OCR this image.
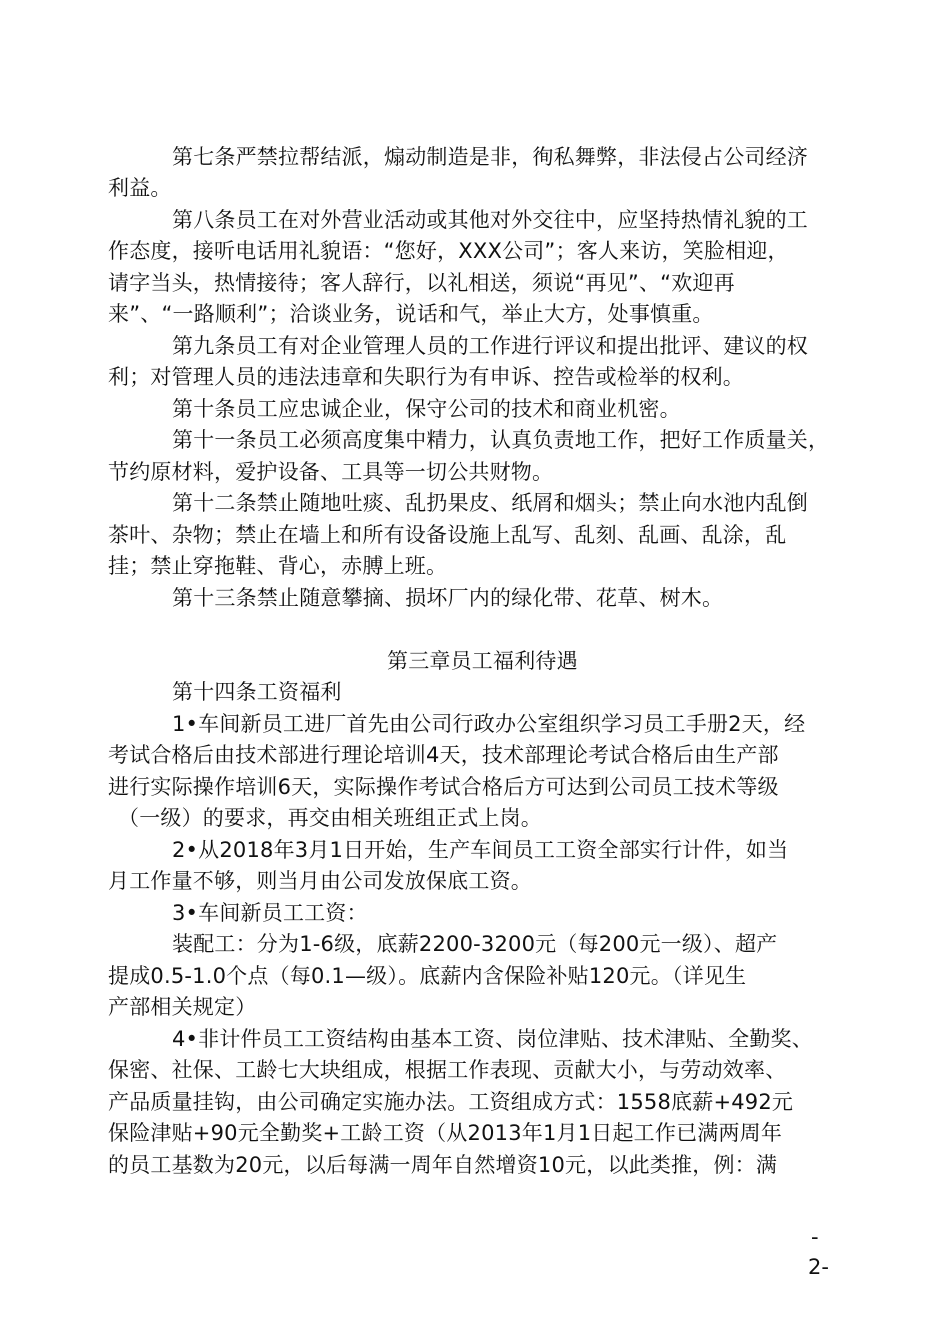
第七条严禁拉帮结派，煽动制造是非，徇私舞弊，非法侵占公司经济
利益。
第八条员工在对外营业活动或其他对外交往中，应坚持热情礼貌的工
作态度，接听电话用礼貌语：“您好，XXX公司”；客人来访，笑脸相迎，
请字当头，热情接待；客人辞行，以礼相送，须说“再见”、“欢迎再
来”、“一路顺利”；洽谈业务，说话和气，举止大方，处事慎重。
第九条员工有对企业管理人员的工作进行评议和提出批评、建议的权
利；对管理人员的违法违章和失职行为有申诉、控告或检举的权利。
第十条员工应忠诚企业，保守公司的技术和商业机密。
第十一条员工必须高度集中精力，认真负责地工作，把好工作质量关，
节约原材料，爱护设备、工具等一切公共财物。
第十二条禁止随地吐痰、乱扔果皮、纸屑和烟头；禁止向水池内乱倒
茶叶、杂物；禁止在墙上和所有设备设施上乱写、乱刻、乱画、乱涂，乱
挂；禁止穿拖鞋、背心，赤膊上班。
第十三条禁止随意攀摘、损坏厂内的绿化带、花草、树木。
第三章员工福利待遇
第十四条工资福利
1•车间新员工进厂首先由公司行政办公室组织学习员工手册2天，经
考试合格后由技术部进行理论培训4天，技术部理论考试合格后由生产部
进行实际操作培训6天，实际操作考试合格后方可达到公司员工技术等级
（一级）的要求，再交由相关班组正式上岗。
2•从2018年3月1日开始，生产车间员工工资全部实行计件，如当
月工作量不够，则当月由公司发放保底工资。
3•车间新员工工资：
装配工：分为1-6级，底薪2200-3200元（每200元一级）、超产
提成0.5-1.0个点（每0.1—级）。底薪内含保险补贴120元。（详见生
产部相关规定）
4•非计件员工工资结构由基本工资、岗位津贴、技术津贴、全勤奖、
保密、社保、工龄七大块组成，根据工作表现、贡献大小，与劳动效率、
产品质量挂钩，由公司确定实施办法。工资组成方式：1558底薪+492元
保险津贴+90元全勤奖+工龄工资（从2013年1月1日起工作已满两周年
的员工基数为20元，以后每满一周年自然增资10元，以此类推，例：满
-
2-
